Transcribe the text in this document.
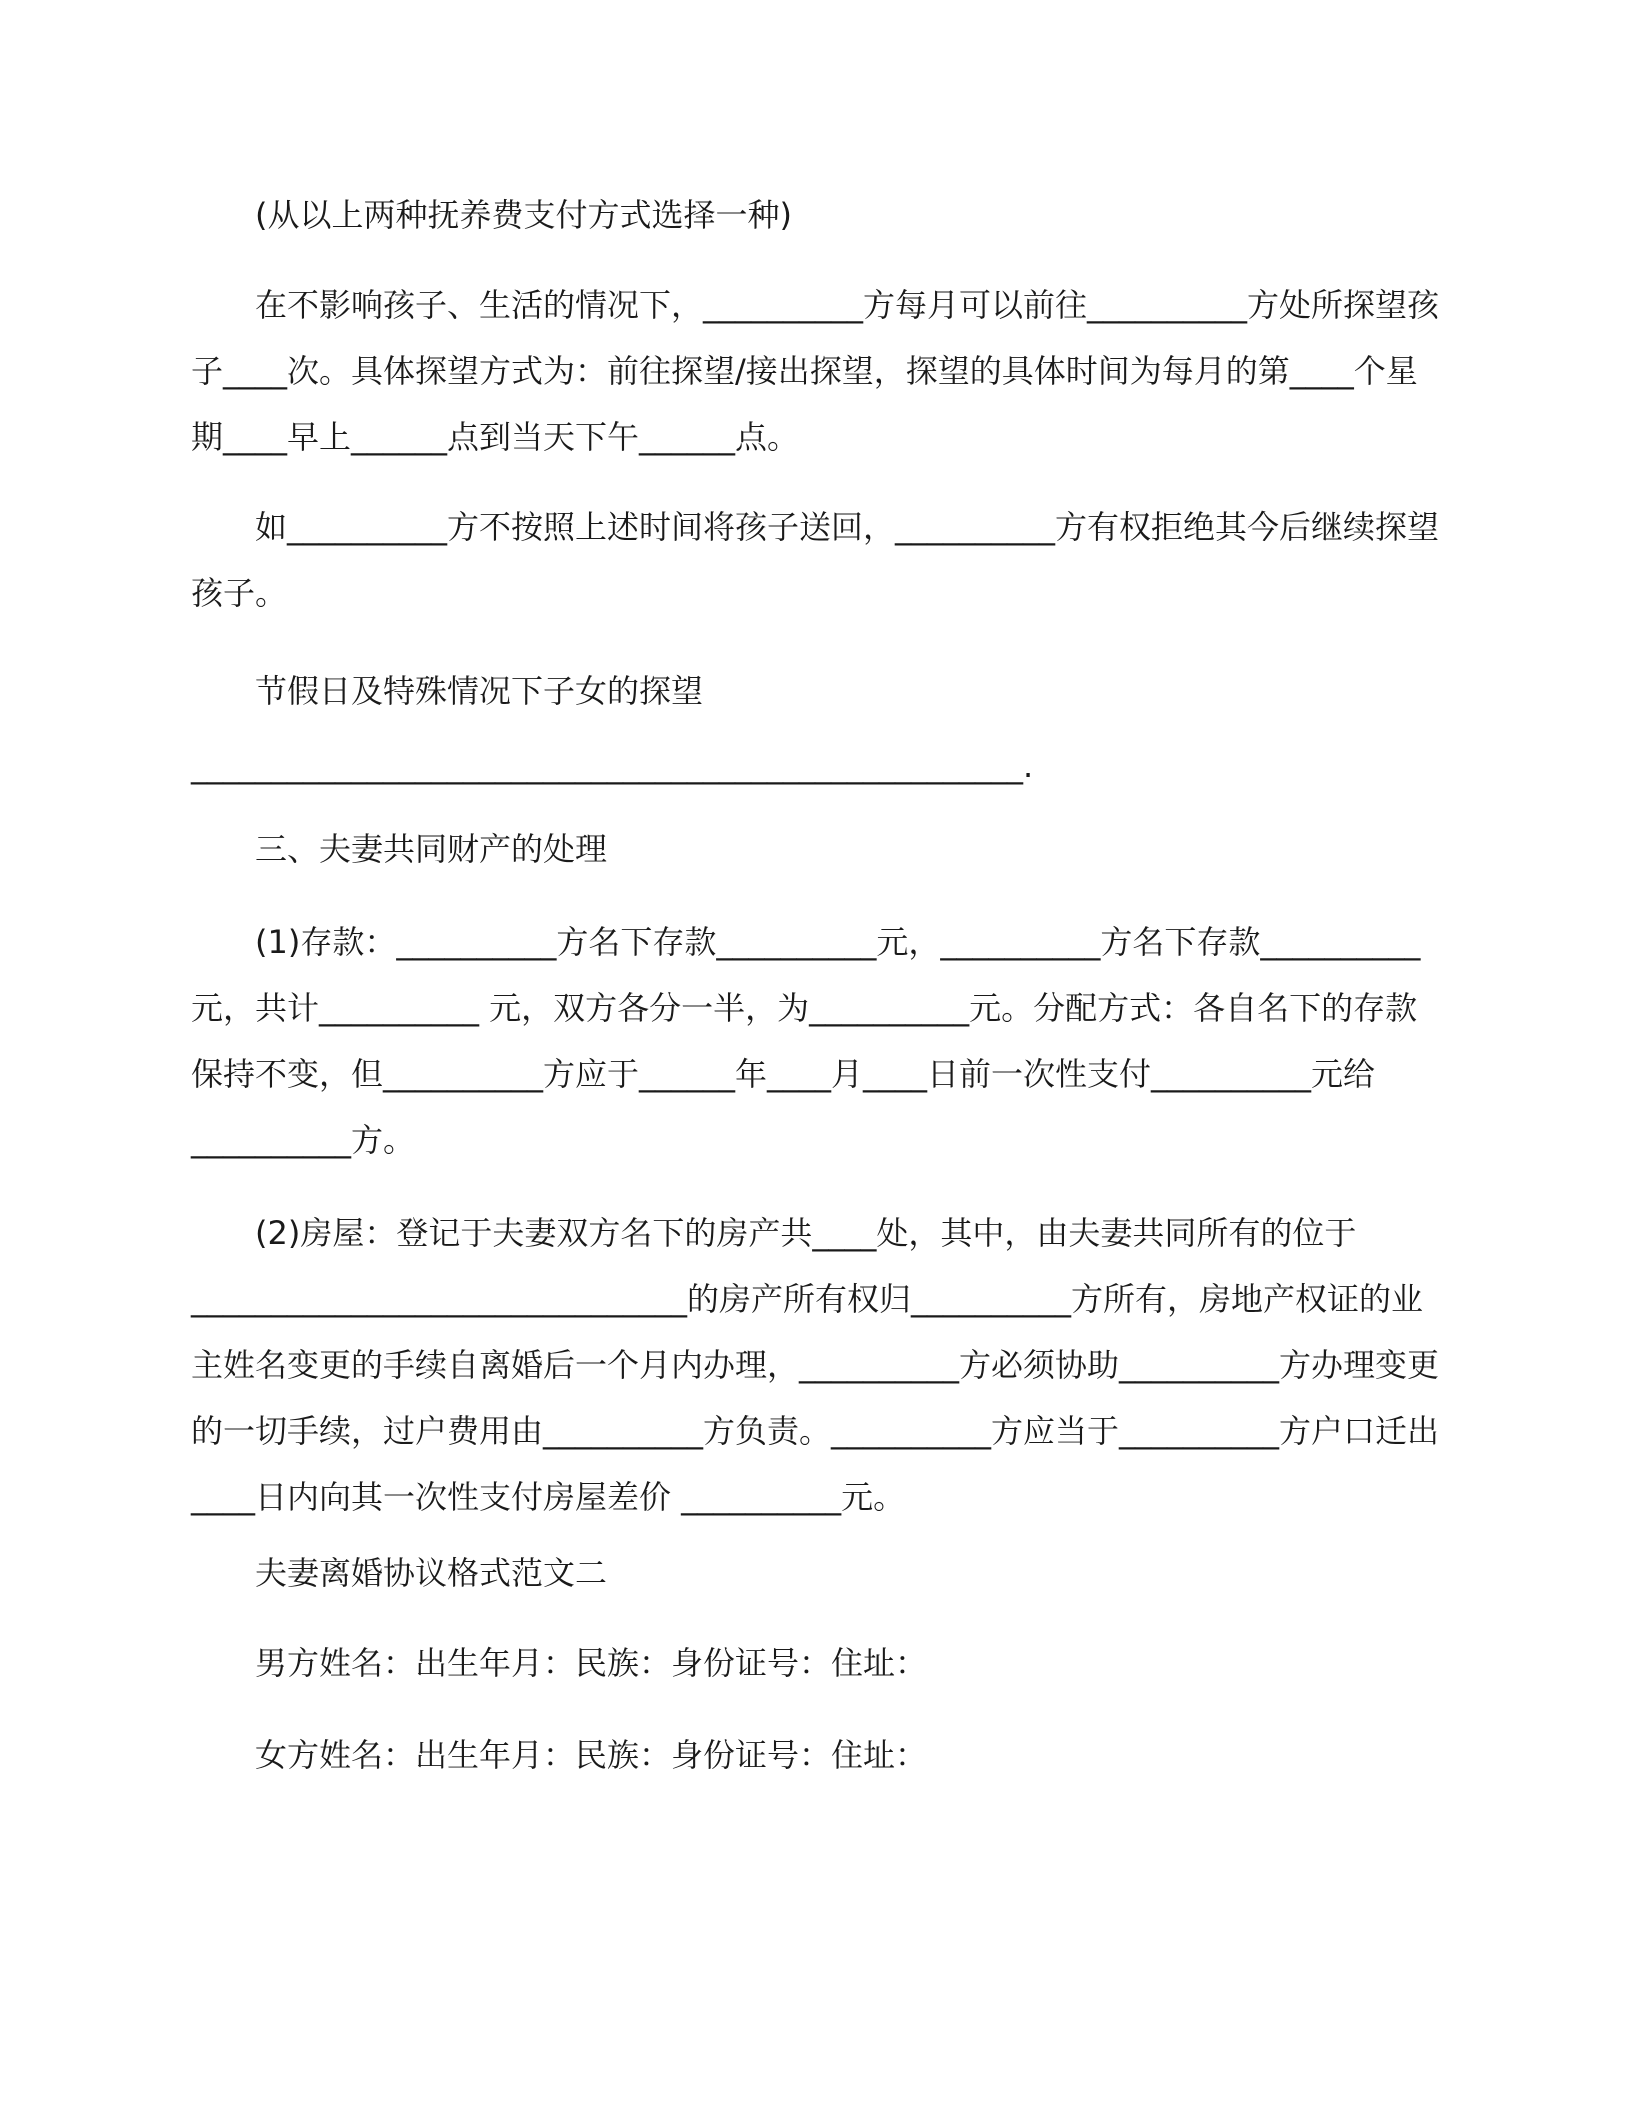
(从以上两种抚养费支付方式选择一种)

在不影响孩子、生活的情况下，__________方每月可以前往__________方处所探望孩子____次。具体探望方式为：前往探望/接出探望，探望的具体时间为每月的第____个星期____早上______点到当天下午______点。

如__________方不按照上述时间将孩子送回，__________方有权拒绝其今后继续探望孩子。

节假日及特殊情况下子女的探望

____________________________________________________.

三、夫妻共同财产的处理

(1)存款：__________方名下存款__________元，__________方名下存款__________元，共计__________ 元，双方各分一半，为__________元。分配方式：各自名下的存款保持不变，但__________方应于______年____月____日前一次性支付__________元给__________方。

(2)房屋：登记于夫妻双方名下的房产共____处，其中，由夫妻共同所有的位于_______________________________的房产所有权归__________方所有，房地产权证的业主姓名变更的手续自离婚后一个月内办理，__________方必须协助__________方办理变更的一切手续，过户费用由__________方负责。__________方应当于__________方户口迁出____日内向其一次性支付房屋差价 __________元。

夫妻离婚协议格式范文二

男方姓名：出生年月：民族：身份证号：住址：

女方姓名：出生年月：民族：身份证号：住址：
